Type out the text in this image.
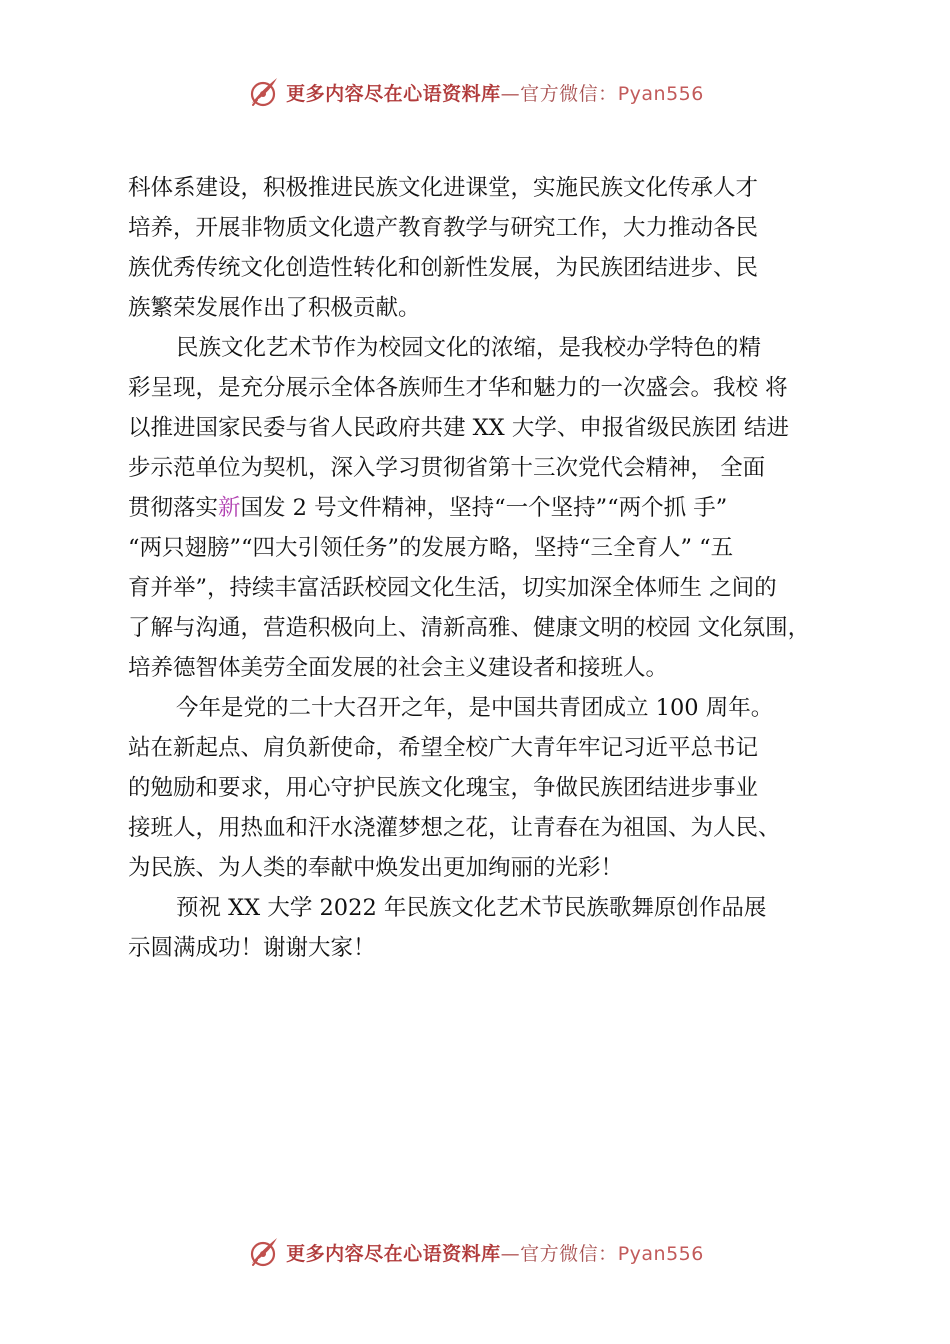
更多内容尽在心语资料库—官方微信：Pyan556

科体系建设，积极推进民族文化进课堂，实施民族文化传承人才

培养，开展非物质文化遗产教育教学与研究工作，大力推动各民

族优秀传统文化创造性转化和创新性发展，为民族团结进步、民

族繁荣发展作出了积极贡献。

民族文化艺术节作为校园文化的浓缩，是我校办学特色的精

彩呈现，是充分展示全体各族师生才华和魅力的一次盛会。我校 将

以推进国家民委与省人民政府共建 XX 大学、申报省级民族团 结进

步示范单位为契机，深入学习贯彻省第十三次党代会精神， 全面

贯彻落实新国发 2 号文件精神，坚持“一个坚持”“两个抓 手”

“两只翅膀”“四大引领任务”的发展方略，坚持“三全育人” “五

育并举”，持续丰富活跃校园文化生活，切实加深全体师生 之间的

了解与沟通，营造积极向上、清新高雅、健康文明的校园 文化氛围，

培养德智体美劳全面发展的社会主义建设者和接班人。

今年是党的二十大召开之年，是中国共青团成立 100 周年。

站在新起点、肩负新使命，希望全校广大青年牢记习近平总书记

的勉励和要求，用心守护民族文化瑰宝，争做民族团结进步事业

接班人，用热血和汗水浇灌梦想之花，让青春在为祖国、为人民、

为民族、为人类的奉献中焕发出更加绚丽的光彩！

预祝 XX 大学 2022 年民族文化艺术节民族歌舞原创作品展

示圆满成功！谢谢大家！

更多内容尽在心语资料库—官方微信：Pyan556
